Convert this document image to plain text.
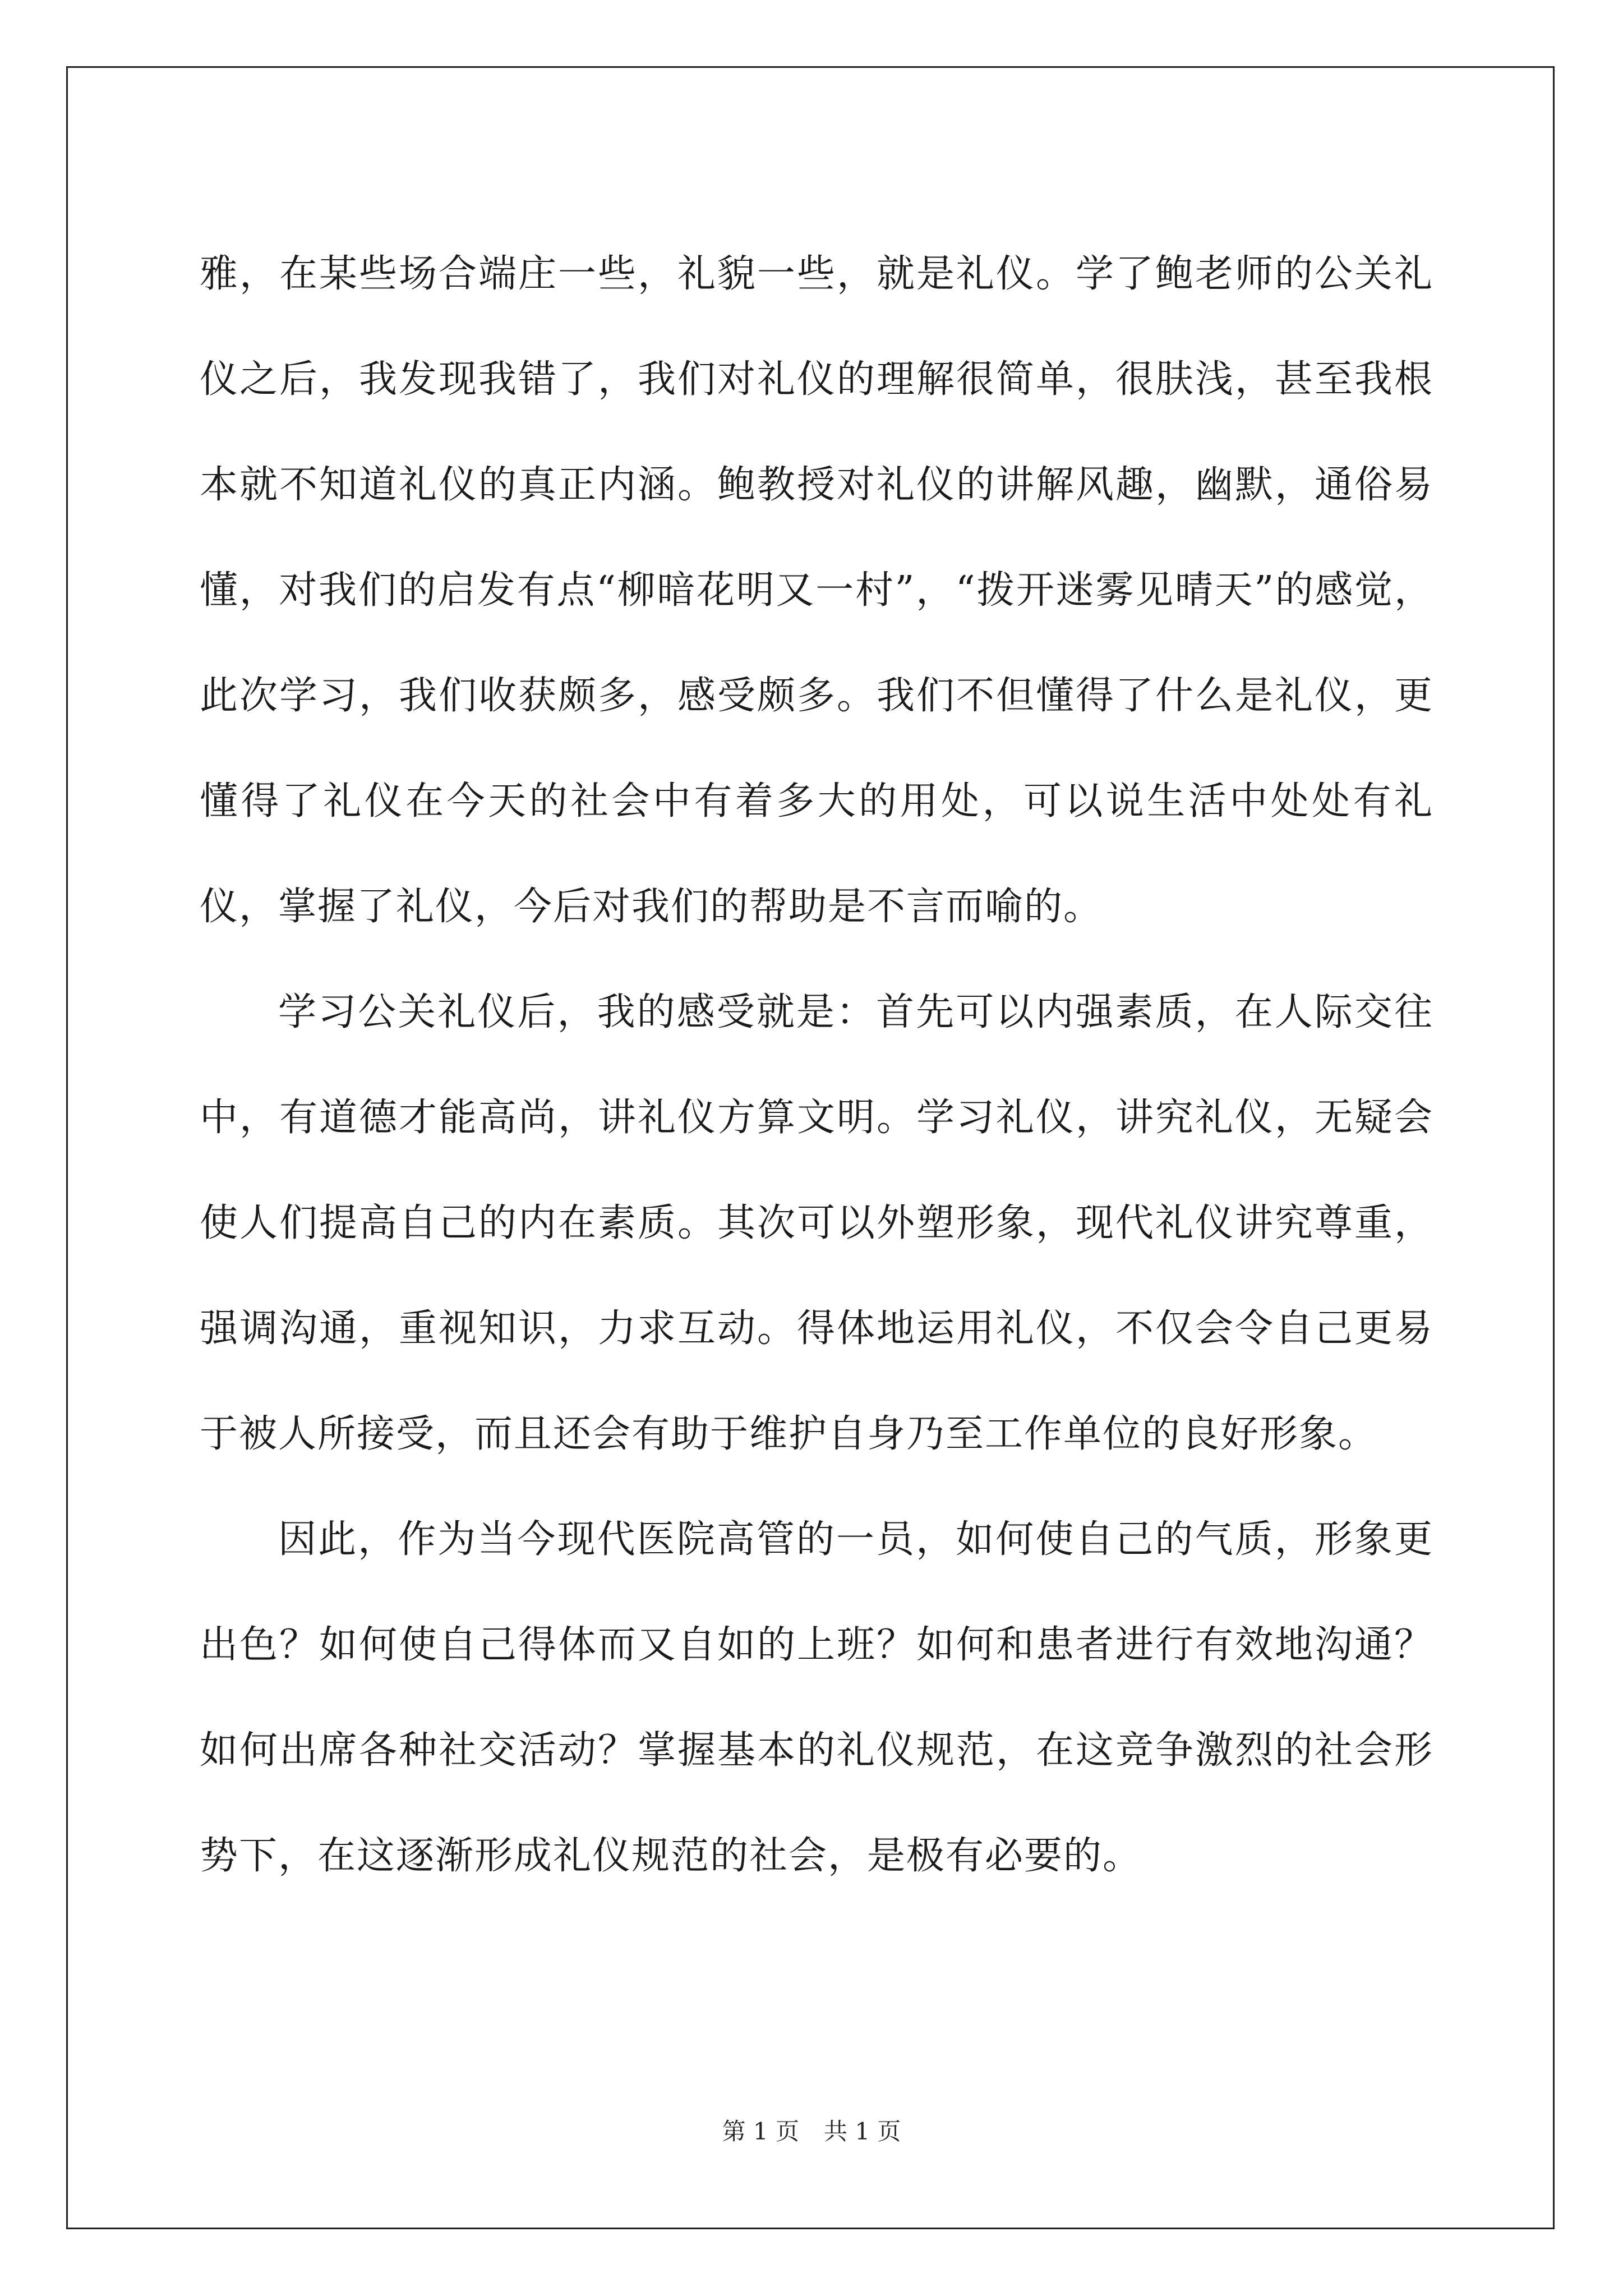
雅，在某些场合端庄一些，礼貌一些，就是礼仪。学了鲍老师的公关礼仪之后，我发现我错了，我们对礼仪的理解很简单，很肤浅，甚至我根本就不知道礼仪的真正内涵。鲍教授对礼仪的讲解风趣，幽默，通俗易懂，对我们的启发有点“柳暗花明又一村”，“拨开迷雾见晴天”的感觉，此次学习，我们收获颇多，感受颇多。我们不但懂得了什么是礼仪，更懂得了礼仪在今天的社会中有着多大的用处，可以说生活中处处有礼仪，掌握了礼仪，今后对我们的帮助是不言而喻的。

学习公关礼仪后，我的感受就是：首先可以内强素质，在人际交往中，有道德才能高尚，讲礼仪方算文明。学习礼仪，讲究礼仪，无疑会使人们提高自己的内在素质。其次可以外塑形象，现代礼仪讲究尊重，强调沟通，重视知识，力求互动。得体地运用礼仪，不仅会令自己更易于被人所接受，而且还会有助于维护自身乃至工作单位的良好形象。

因此，作为当今现代医院高管的一员，如何使自己的气质，形象更出色？如何使自己得体而又自如的上班？如何和患者进行有效地沟通？如何出席各种社交活动？掌握基本的礼仪规范，在这竞争激烈的社会形势下，在这逐渐形成礼仪规范的社会，是极有必要的。

第 1 页 共 1 页
